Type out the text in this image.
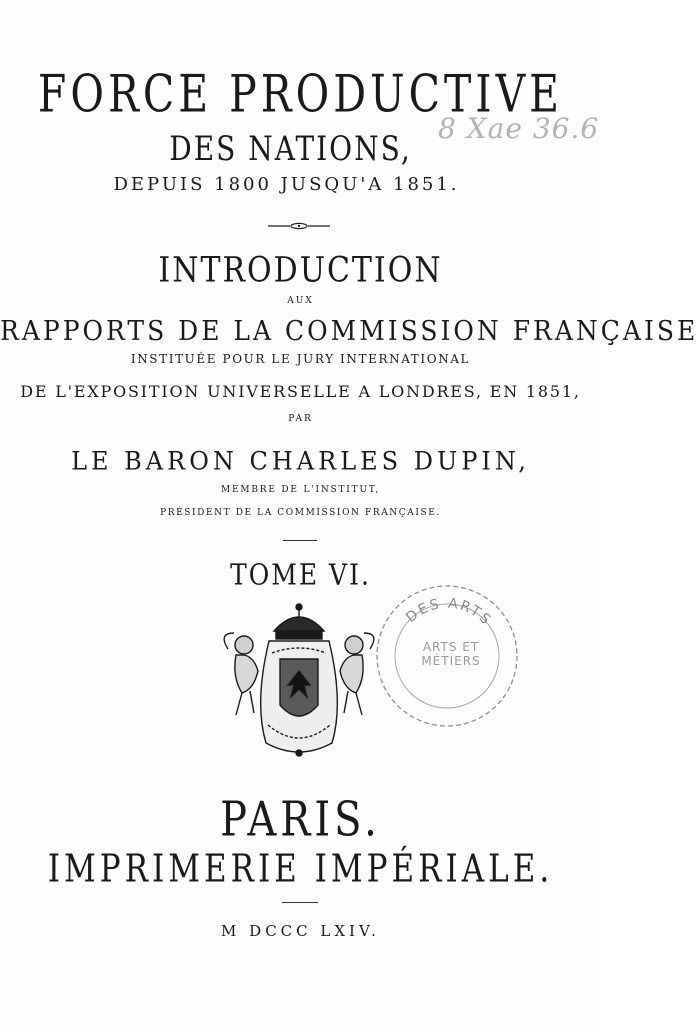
FORCE PRODUCTIVE
DES NATIONS,
8 Xae 36.6
DEPUIS 1800 JUSQU'A 1851.
INTRODUCTION
AUX
RAPPORTS DE LA COMMISSION FRANÇAISE
INSTITUÉE POUR LE JURY INTERNATIONAL
DE L'EXPOSITION UNIVERSELLE A LONDRES, EN 1851,
PAR
LE BARON CHARLES DUPIN,
MEMBRE DE L'INSTITUT,
PRÉSIDENT DE LA COMMISSION FRANÇAISE.
TOME VI.
DES ARTS
ARTS ET MÉTIERS
PARIS.
IMPRIMERIE IMPÉRIALE.
M DCCC LXIV.
